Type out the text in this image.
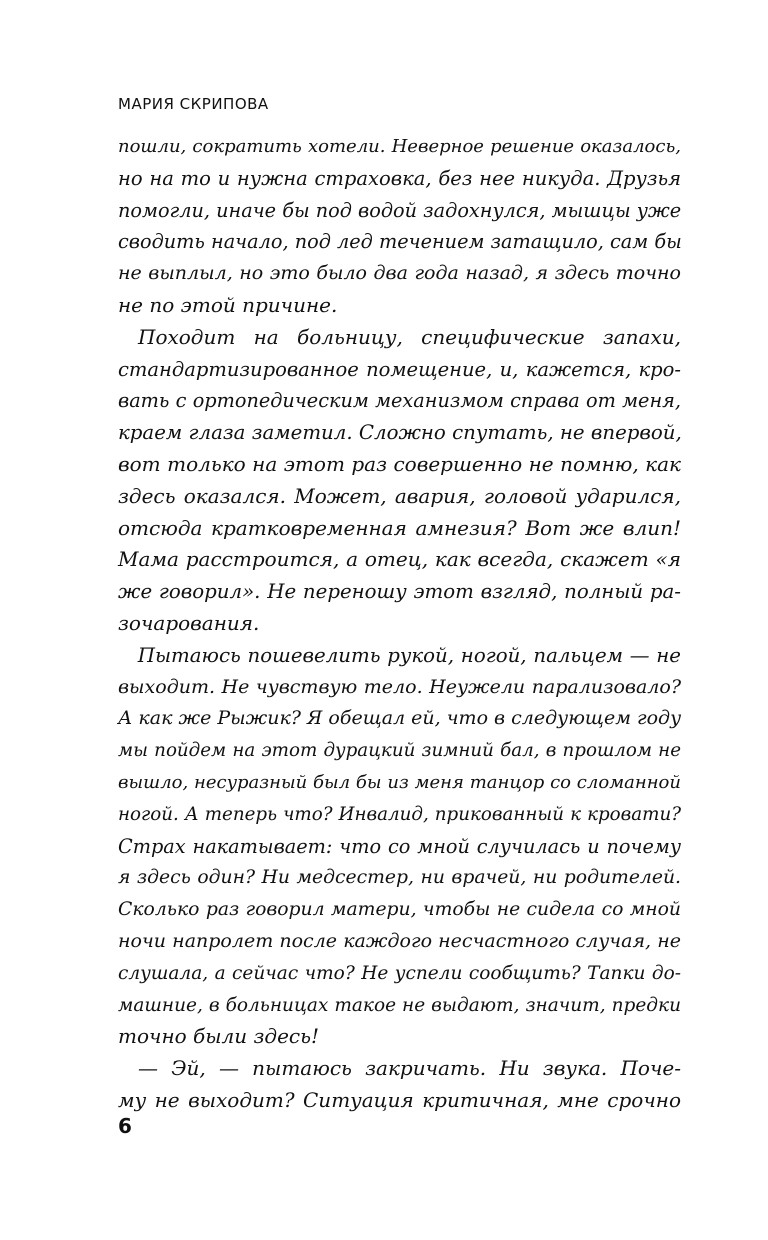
МАРИЯ СКРИПОВА
пошли, сократить хотели. Неверное решение оказалось,
но на то и нужна страховка, без нее никуда. Друзья
помогли, иначе бы под водой задохнулся, мышцы уже
сводить начало, под лед течением затащило, сам бы
не выплыл, но это было два года назад, я здесь точно
не по этой причине.
 Походит на больницу, специфические запахи,
стандартизированное помещение, и, кажется, кро-
вать с ортопедическим механизмом справа от меня,
краем глаза заметил. Сложно спутать, не впервой,
вот только на этот раз совершенно не помню, как
здесь оказался. Может, авария, головой ударился,
отсюда кратковременная амнезия? Вот же влип!
Мама расстроится, а отец, как всегда, скажет «я
же говорил». Не переношу этот взгляд, полный ра-
зочарования.
 Пытаюсь пошевелить рукой, ногой, пальцем — не
выходит. Не чувствую тело. Неужели парализовало?
А как же Рыжик? Я обещал ей, что в следующем году
мы пойдем на этот дурацкий зимний бал, в прошлом не
вышло, несуразный был бы из меня танцор со сломанной
ногой. А теперь что? Инвалид, прикованный к кровати?
Страх накатывает: что со мной случилась и почему
я здесь один? Ни медсестер, ни врачей, ни родителей.
Сколько раз говорил матери, чтобы не сидела со мной
ночи напролет после каждого несчастного случая, не
слушала, а сейчас что? Не успели сообщить? Тапки до-
машние, в больницах такое не выдают, значит, предки
точно были здесь!
 — Эй, — пытаюсь закричать. Ни звука. Поче-
му не выходит? Ситуация критичная, мне срочно
6
